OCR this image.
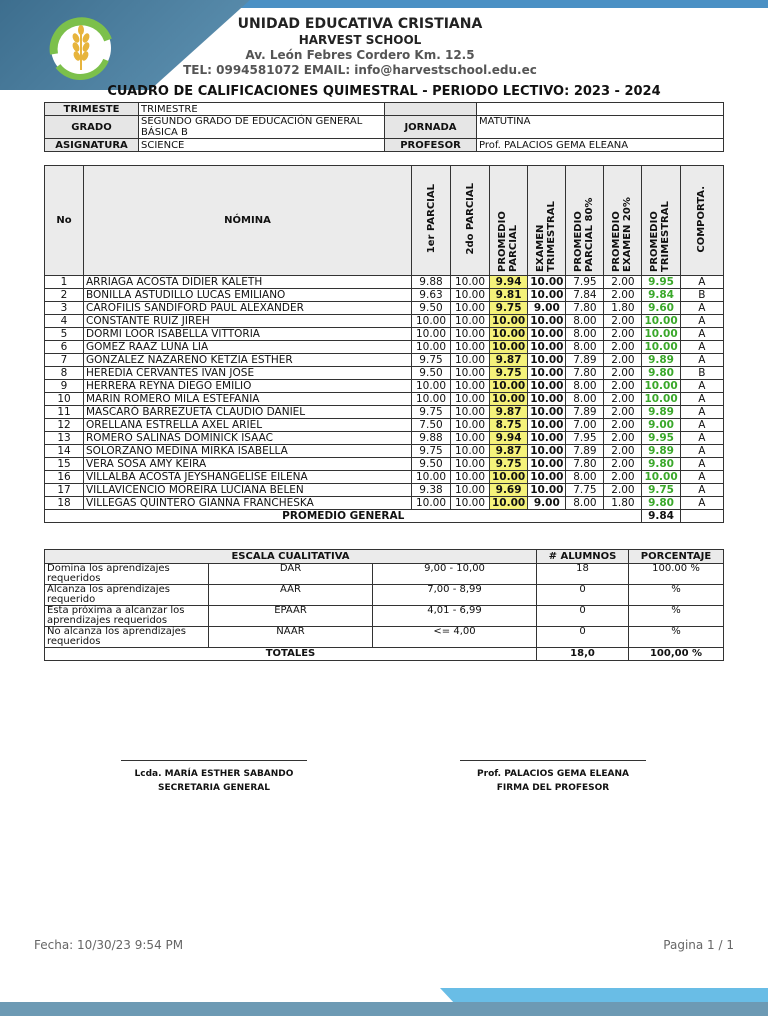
UNIDAD EDUCATIVA CRISTIANA
HARVEST SCHOOL
Av. León Febres Cordero Km. 12.5
TEL: 0994581072 EMAIL: info@harvestschool.edu.ec
CUADRO DE CALIFICACIONES QUIMESTRAL - PERIODO LECTIVO: 2023 - 2024
TRIMESTE	TRIMESTRE		
GRADO	SEGUNDO GRADO DE EDUCACIÓN GENERAL BÁSICA B	JORNADA	MATUTINA
ASIGNATURA	SCIENCE	PROFESOR	Prof. PALACIOS GEMA ELEANA
No	NÓMINA	1er PARCIAL	2do PARCIAL	PROMEDIO PARCIAL	EXAMEN TRIMESTRAL	PROMEDIO PARCIAL 80%	PROMEDIO EXAMEN 20%	PROMEDIO TRIMESTRAL	COMPORTA.
1	ARRIAGA ACOSTA DIDIER KALETH	9.88	10.00	9.94	10.00	7.95	2.00	9.95	A
2	BONILLA ASTUDILLO LUCAS EMILIANO	9.63	10.00	9.81	10.00	7.84	2.00	9.84	B
3	CAROFILIS SANDIFORD PAUL ALEXANDER	9.50	10.00	9.75	9.00	7.80	1.80	9.60	A
4	CONSTANTE RUIZ JIREH	10.00	10.00	10.00	10.00	8.00	2.00	10.00	A
5	DORMI LOOR ISABELLA VITTORIA	10.00	10.00	10.00	10.00	8.00	2.00	10.00	A
6	GOMEZ RAAZ LUNA LIA	10.00	10.00	10.00	10.00	8.00	2.00	10.00	A
7	GONZALEZ NAZARENO KETZIA ESTHER	9.75	10.00	9.87	10.00	7.89	2.00	9.89	A
8	HEREDIA CERVANTES IVAN JOSE	9.50	10.00	9.75	10.00	7.80	2.00	9.80	B
9	HERRERA REYNA DIEGO EMILIO	10.00	10.00	10.00	10.00	8.00	2.00	10.00	A
10	MARIN ROMERO MILA ESTEFANIA	10.00	10.00	10.00	10.00	8.00	2.00	10.00	A
11	MASCARÓ BARREZUETA CLAUDIO DANIEL	9.75	10.00	9.87	10.00	7.89	2.00	9.89	A
12	ORELLANA ESTRELLA AXEL ARIEL	7.50	10.00	8.75	10.00	7.00	2.00	9.00	A
13	ROMERO SALINAS DOMINICK ISAAC	9.88	10.00	9.94	10.00	7.95	2.00	9.95	A
14	SOLORZANO MEDINA MIRKA ISABELLA	9.75	10.00	9.87	10.00	7.89	2.00	9.89	A
15	VERA SOSA AMY KEIRA	9.50	10.00	9.75	10.00	7.80	2.00	9.80	A
16	VILLALBA ACOSTA JEYSHANGELISE EILENA	10.00	10.00	10.00	10.00	8.00	2.00	10.00	A
17	VILLAVICENCIO MOREIRA LUCIANA BELEN	9.38	10.00	9.69	10.00	7.75	2.00	9.75	A
18	VILLEGAS QUINTERO GIANNA FRANCHESKA	10.00	10.00	10.00	9.00	8.00	1.80	9.80	A
PROMEDIO GENERAL								9.84	
ESCALA CUALITATIVA			# ALUMNOS	PORCENTAJE
Domina los aprendizajes requeridos	DAR	9,00 - 10,00	18	100.00 %
Alcanza los aprendizajes requerido	AAR	7,00 - 8,99	0	%
Esta próxima a alcanzar los aprendizajes requeridos	EPAAR	4,01 - 6,99	0	%
No alcanza los aprendizajes requeridos	NAAR	<= 4,00	0	%
TOTALES			18,0	100,00 %
Lcda. MARÍA ESTHER SABANDO
SECRETARIA GENERAL
Prof. PALACIOS GEMA ELEANA
FIRMA DEL PROFESOR
Fecha: 10/30/23 9:54 PM	Pagina 1 / 1
